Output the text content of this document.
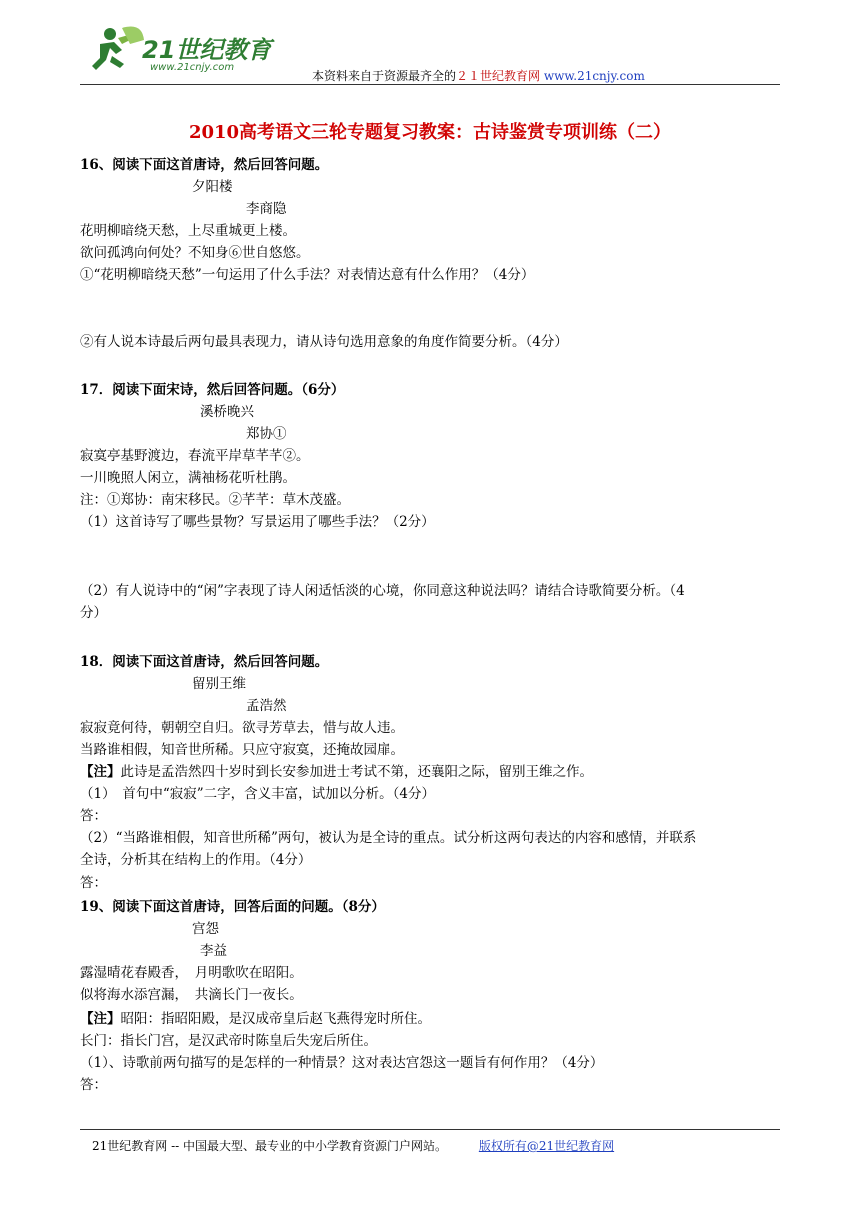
21世纪教育
www.21cnjy.com
本资料来自于资源最齐全的２１世纪教育网 www.21cnjy.com
2010高考语文三轮专题复习教案：古诗鉴赏专项训练（二）
16、阅读下面这首唐诗，然后回答问题。
夕阳楼
李商隐
花明柳暗绕天愁，上尽重城更上楼。
欲问孤鸿向何处？不知身⑥世自悠悠。
①“花明柳暗绕天愁”一句运用了什么手法？对表情达意有什么作用？（4分）
②有人说本诗最后两句最具表现力，请从诗句选用意象的角度作简要分析。（4分）
17．阅读下面宋诗，然后回答问题。（6分）
溪桥晚兴
郑协①
寂寞亭基野渡边，春流平岸草芊芊②。
一川晚照人闲立，满袖杨花听杜鹃。
注：①郑协：南宋移民。②芊芊：草木茂盛。
（1）这首诗写了哪些景物？写景运用了哪些手法？（2分）
（2）有人说诗中的“闲”字表现了诗人闲适恬淡的心境，你同意这种说法吗？请结合诗歌简要分析。（4
分）
18．阅读下面这首唐诗，然后回答问题。
留别王维
孟浩然
寂寂竟何待，朝朝空自归。欲寻芳草去，惜与故人违。
当路谁相假，知音世所稀。只应守寂寞，还掩故园扉。
【注】此诗是孟浩然四十岁时到长安参加进士考试不第，还襄阳之际，留别王维之作。
（1）　首句中“寂寂”二字，含义丰富，试加以分析。（4分）
答：
（2）“当路谁相假，知音世所稀”两句，被认为是全诗的重点。试分析这两句表达的内容和感情，并联系
全诗，分析其在结构上的作用。（4分）
答：
19、阅读下面这首唐诗，回答后面的问题。（8分）
宫怨
李益
露湿晴花春殿香，　月明歌吹在昭阳。
似将海水添宫漏，　共滴长门一夜长。
【注】昭阳：指昭阳殿，是汉成帝皇后赵飞燕得宠时所住。
长门：指长门宫，是汉武帝时陈皇后失宠后所住。
（1）、诗歌前两句描写的是怎样的一种情景？这对表达宫怨这一题旨有何作用？（4分）
答：
21世纪教育网 -- 中国最大型、最专业的中小学教育资源门户网站。	版权所有@21世纪教育网
